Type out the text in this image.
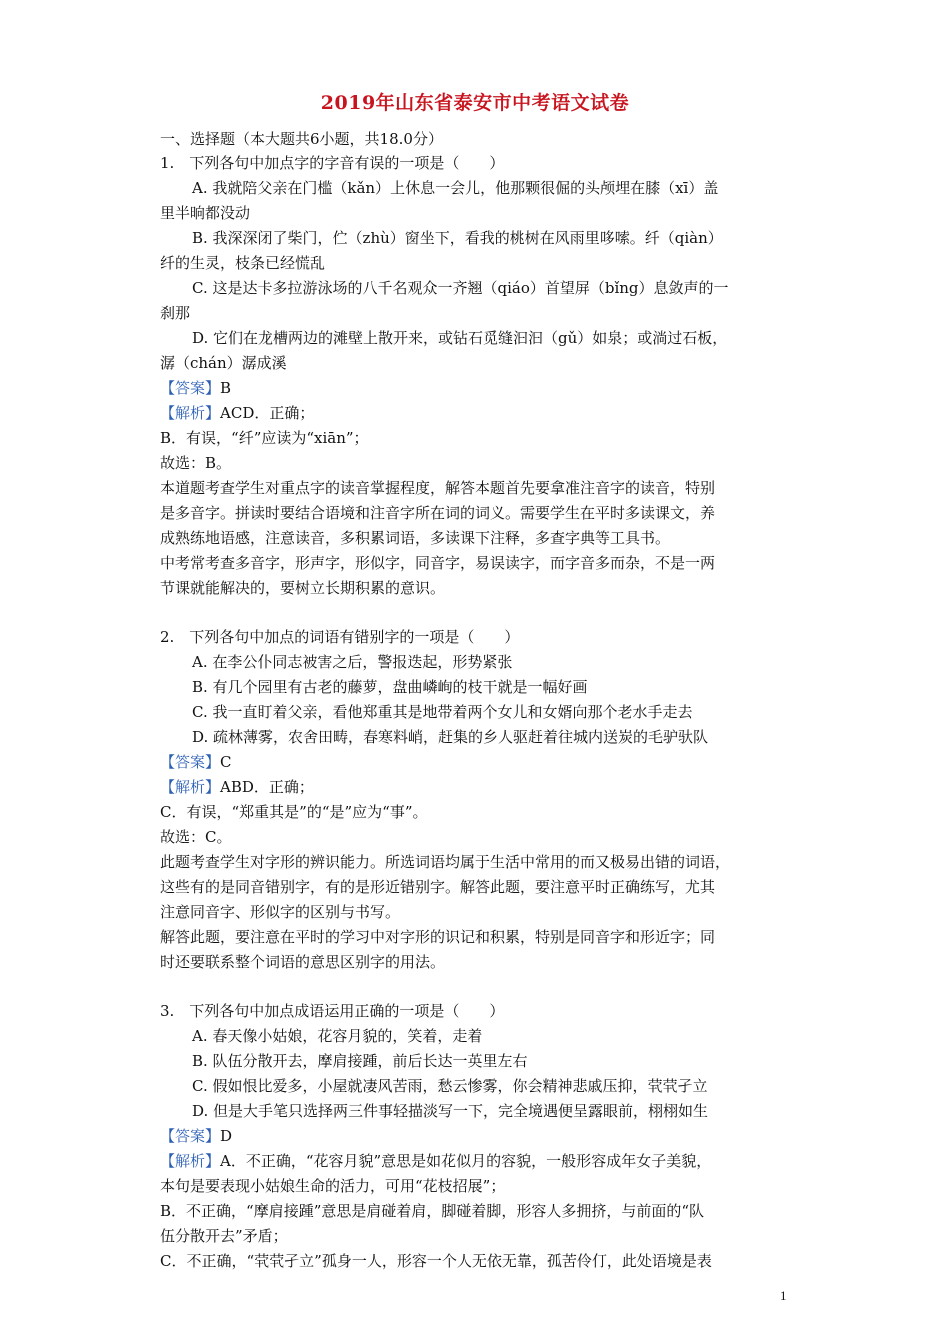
2019年山东省泰安市中考语文试卷
一、选择题（本大题共6小题，共18.0分）
1.　下列各句中加点字的字音有误的一项是（　　）
A. 我就陪父亲在门槛（kǎn）上休息一会儿，他那颗很倔的头颅埋在膝（xī）盖
里半晌都没动
B. 我深深闭了柴门，伫（zhù）窗坐下，看我的桃树在风雨里哆嗦。纤（qiàn）
纤的生灵，枝条已经慌乱
C. 这是达卡多拉游泳场的八千名观众一齐翘（qiáo）首望屏（bǐng）息敛声的一
刹那
D. 它们在龙槽两边的滩壁上散开来，或钻石觅缝汩汩（gǔ）如泉；或淌过石板，
潺（chán）潺成溪
【答案】B
【解析】ACD．正确；
B．有误，“纤”应读为“xiān”；
故选：B。
本道题考查学生对重点字的读音掌握程度，解答本题首先要拿准注音字的读音，特别
是多音字。拼读时要结合语境和注音字所在词的词义。需要学生在平时多读课文，养
成熟练地语感，注意读音，多积累词语，多读课下注释，多查字典等工具书。
中考常考查多音字，形声字，形似字，同音字，易误读字，而字音多而杂，不是一两
节课就能解决的，要树立长期积累的意识。
2.　下列各句中加点的词语有错别字的一项是（　　）
A. 在李公仆同志被害之后，警报迭起，形势紧张
B. 有几个园里有古老的藤萝，盘曲嶙峋的枝干就是一幅好画
C. 我一直盯着父亲，看他郑重其是地带着两个女儿和女婿向那个老水手走去
D. 疏林薄雾，农舍田畴，春寒料峭，赶集的乡人驱赶着往城内送炭的毛驴驮队
【答案】C
【解析】ABD．正确；
C．有误，“郑重其是”的“是”应为“事”。
故选：C。
此题考查学生对字形的辨识能力。所选词语均属于生活中常用的而又极易出错的词语，
这些有的是同音错别字，有的是形近错别字。解答此题，要注意平时正确练写，尤其
注意同音字、形似字的区别与书写。
解答此题，要注意在平时的学习中对字形的识记和积累，特别是同音字和形近字；同
时还要联系整个词语的意思区别字的用法。
3.　下列各句中加点成语运用正确的一项是（　　）
A. 春天像小姑娘，花容月貌的，笑着，走着
B. 队伍分散开去，摩肩接踵，前后长达一英里左右
C. 假如恨比爱多，小屋就凄风苦雨，愁云惨雾，你会精神悲戚压抑，茕茕孑立
D. 但是大手笔只选择两三件事轻描淡写一下，完全境遇便呈露眼前，栩栩如生
【答案】D
【解析】A．不正确，“花容月貌”意思是如花似月的容貌，一般形容成年女子美貌，
本句是要表现小姑娘生命的活力，可用“花枝招展”；
B．不正确，“摩肩接踵”意思是肩碰着肩，脚碰着脚，形容人多拥挤，与前面的“队
伍分散开去”矛盾；
C．不正确，“茕茕孑立”孤身一人，形容一个人无依无靠，孤苦伶仃，此处语境是表
1
